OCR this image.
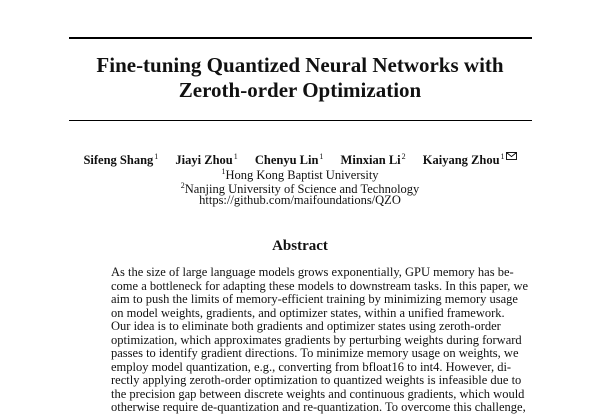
Fine-tuning Quantized Neural Networks with
Zeroth-order Optimization
Sifeng Shang$^1$ Jiayi Zhou$^1$ Chenyu Lin$^1$ Minxian Li$^2$ Kaiyang Zhou$^1$
$^1$Hong Kong Baptist University
$^2$Nanjing University of Science and Technology
https://github.com/maifoundations/QZO
Abstract
As the size of large language models grows exponentially, GPU memory has be-
come a bottleneck for adapting these models to downstream tasks. In this paper, we
aim to push the limits of memory-efficient training by minimizing memory usage
on model weights, gradients, and optimizer states, within a unified framework.
Our idea is to eliminate both gradients and optimizer states using zeroth-order
optimization, which approximates gradients by perturbing weights during forward
passes to identify gradient directions. To minimize memory usage on weights, we
employ model quantization, e.g., converting from bfloat16 to int4. However, di-
rectly applying zeroth-order optimization to quantized weights is infeasible due to
the precision gap between discrete weights and continuous gradients, which would
otherwise require de-quantization and re-quantization. To overcome this challenge,
